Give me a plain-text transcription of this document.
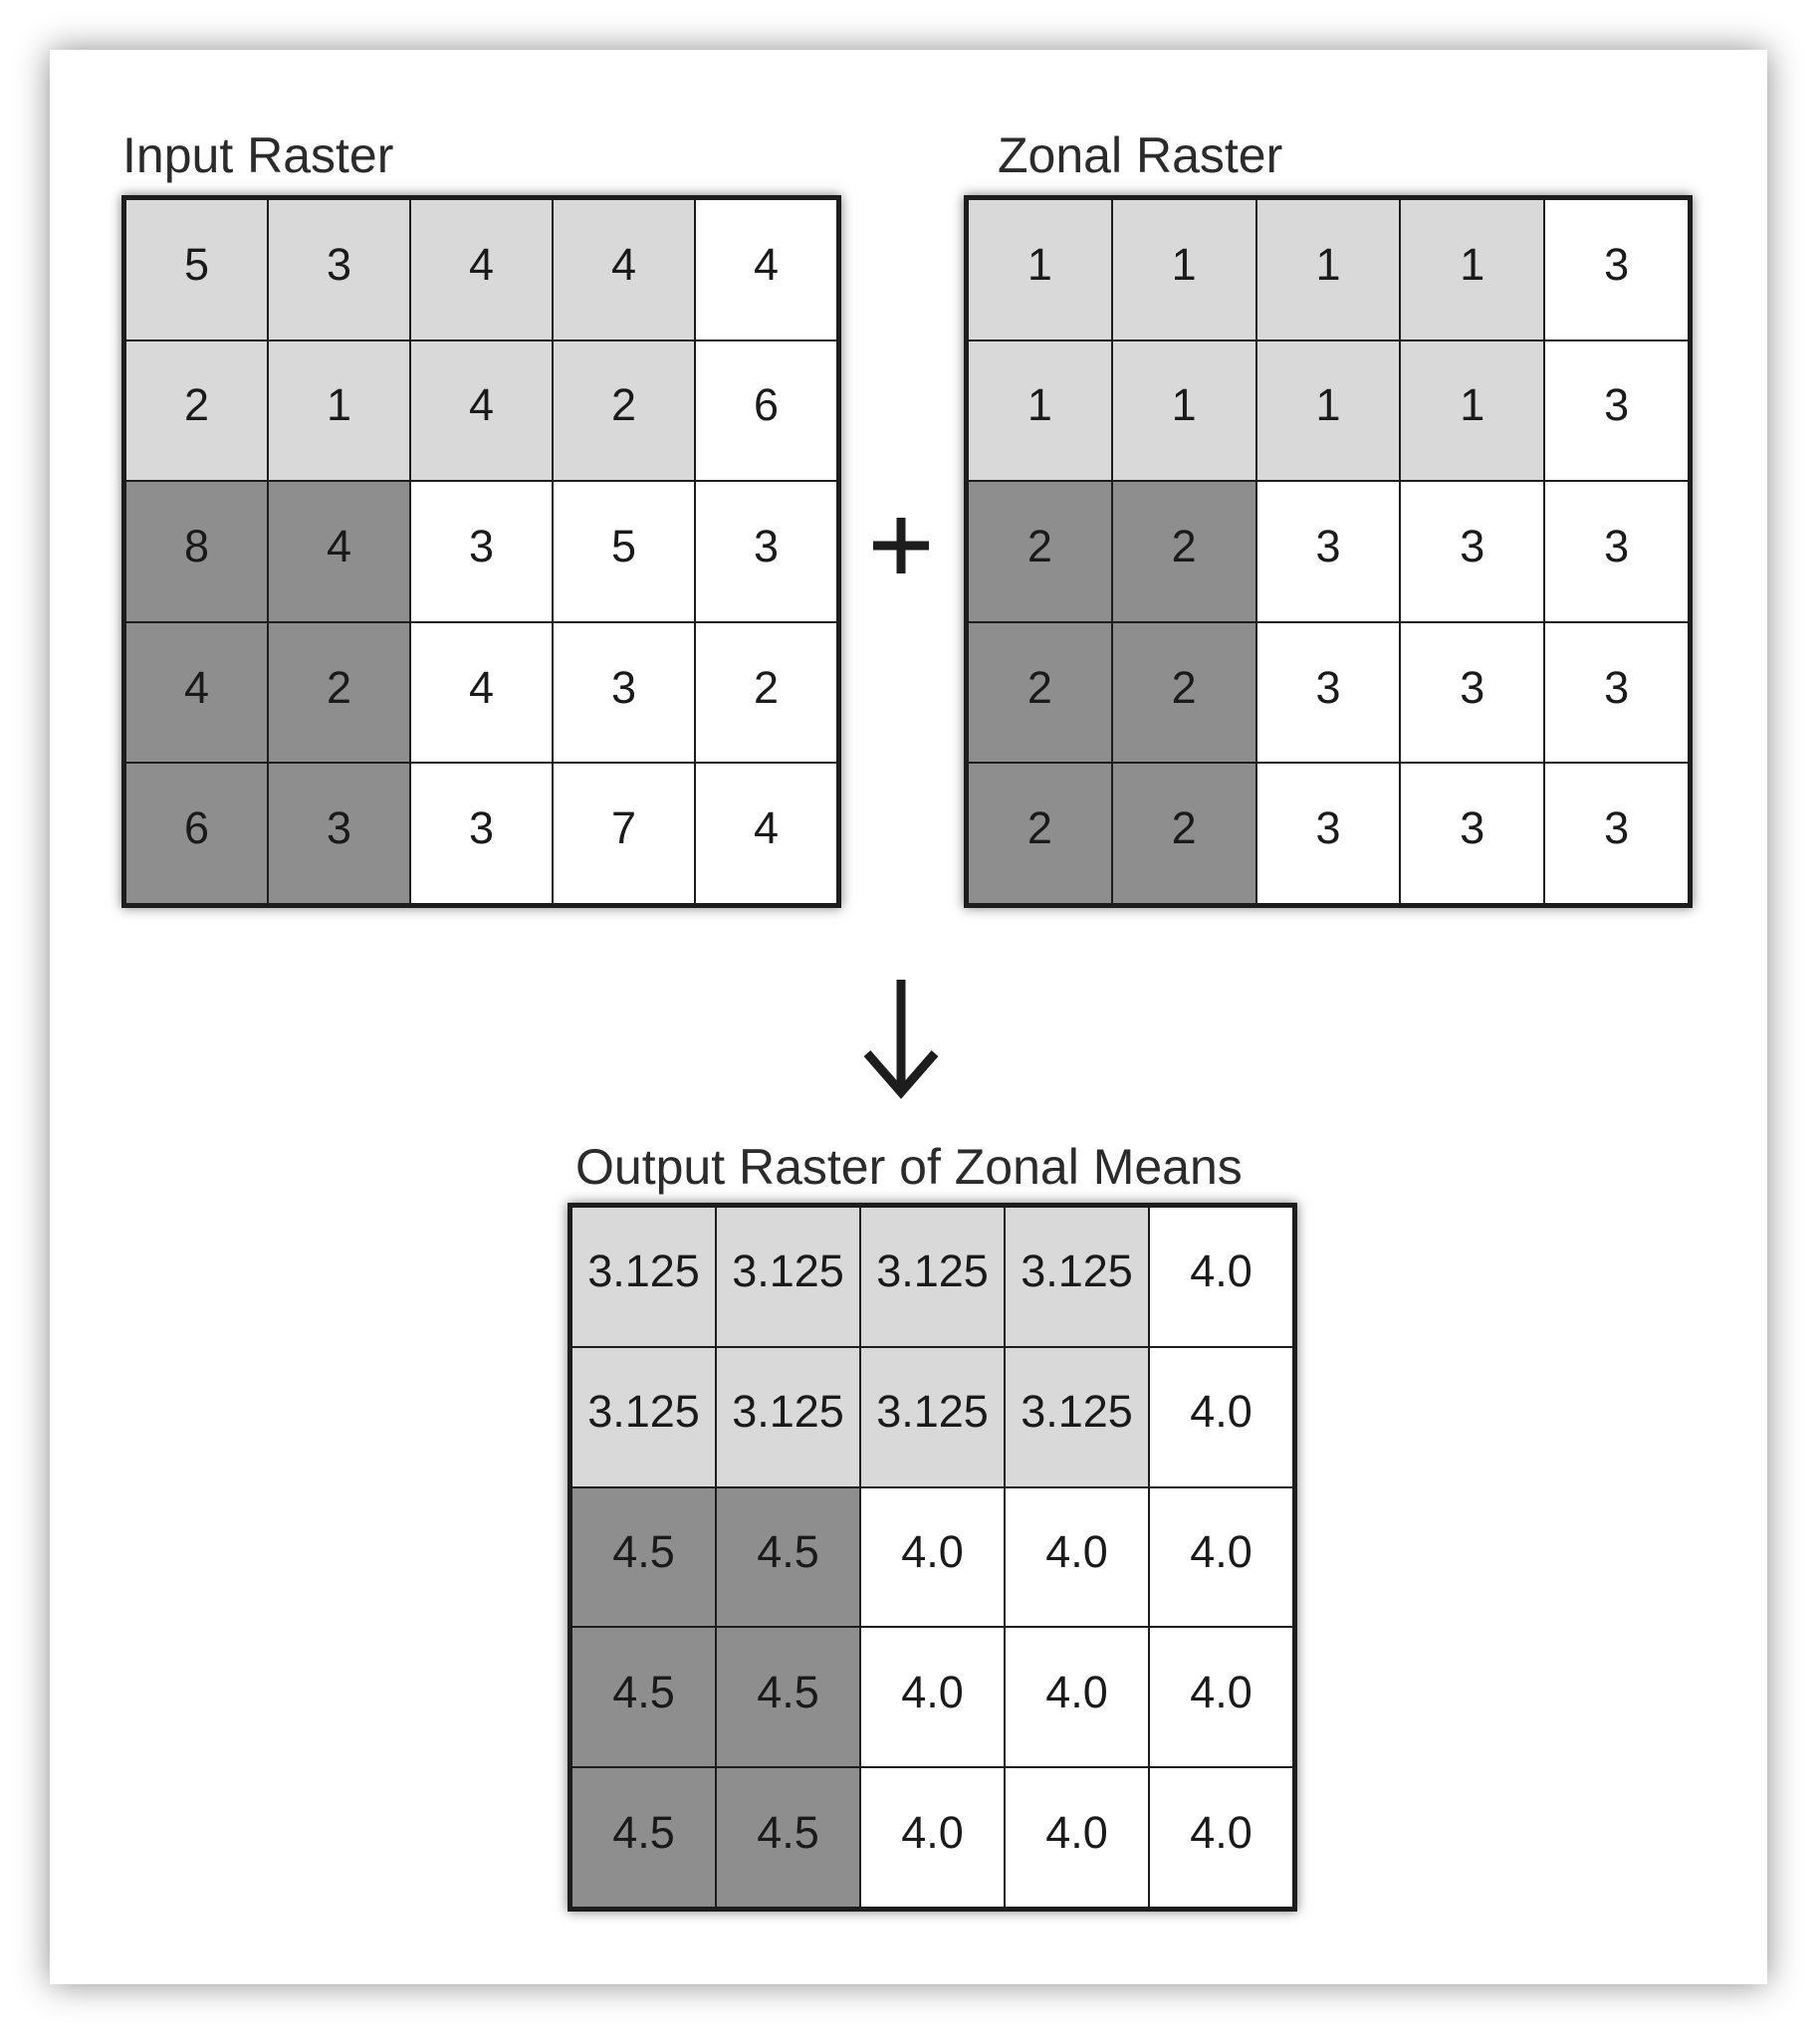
Input Raster	Zonal Raster
5	3	4	4	4
2	1	4	2	6
8	4	3	5	3
4	2	4	3	2
6	3	3	7	4
1	1	1	1	3
1	1	1	1	3
2	2	3	3	3
2	2	3	3	3
2	2	3	3	3
Output Raster of Zonal Means
3.125 3.125 3.125 3.125	4.0
3.125 3.125 3.125 3.125	4.0
4.5	4.5	4.0	4.0	4.0
4.5	4.5	4.0	4.0	4.0
4.5	4.5	4.0	4.0	4.0
